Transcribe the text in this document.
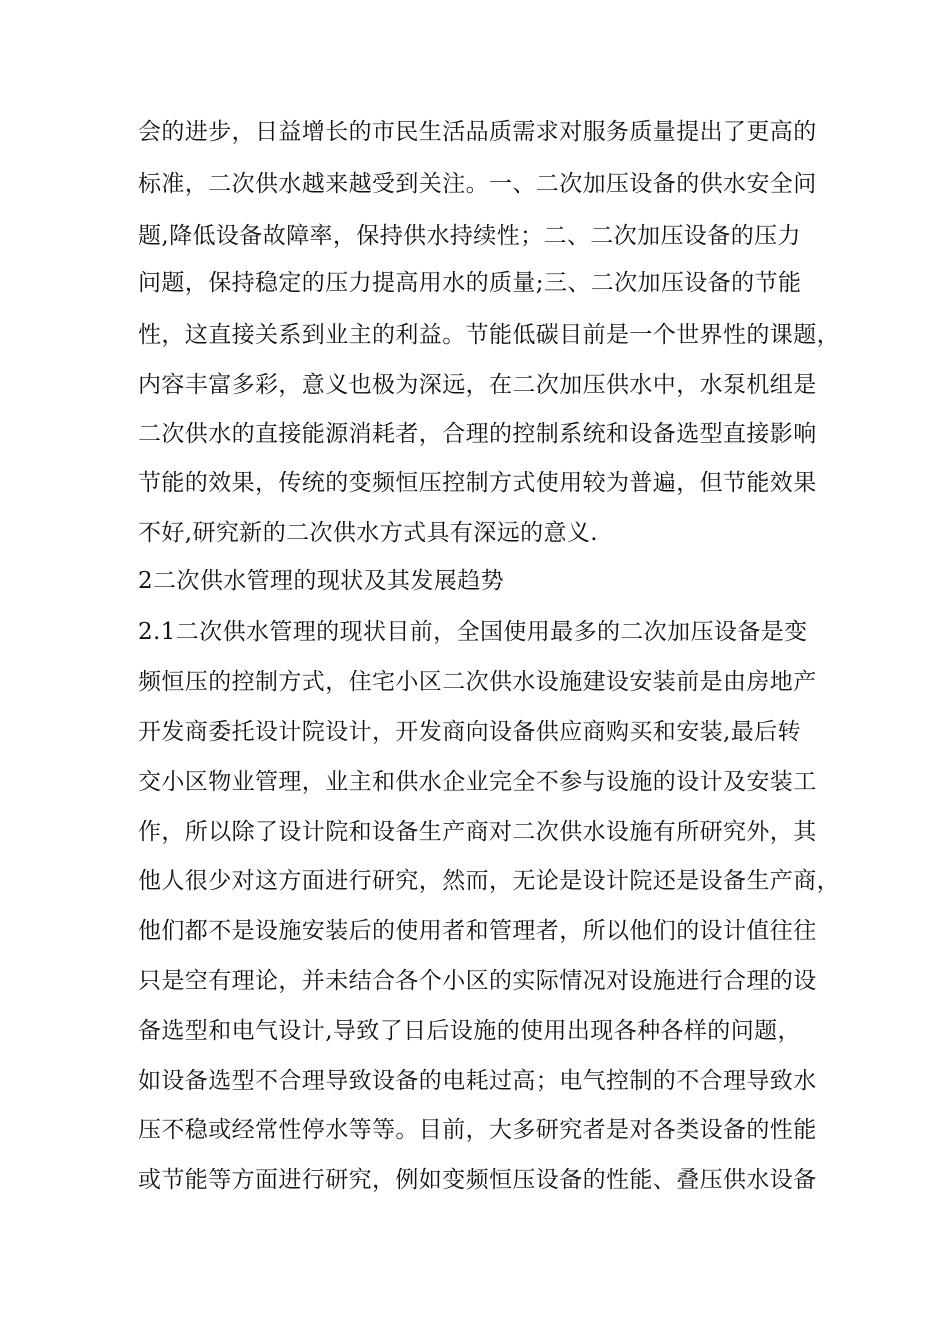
会的进步，日益增长的市民生活品质需求对服务质量提出了更高的
标准，二次供水越来越受到关注。一、二次加压设备的供水安全问
题,降低设备故障率，保持供水持续性；二、二次加压设备的压力
问题，保持稳定的压力提高用水的质量;三、二次加压设备的节能
性，这直接关系到业主的利益。节能低碳目前是一个世界性的课题，
内容丰富多彩，意义也极为深远，在二次加压供水中，水泵机组是
二次供水的直接能源消耗者，合理的控制系统和设备选型直接影响
节能的效果，传统的变频恒压控制方式使用较为普遍，但节能效果
不好,研究新的二次供水方式具有深远的意义.
2二次供水管理的现状及其发展趋势
2.1二次供水管理的现状目前，全国使用最多的二次加压设备是变
频恒压的控制方式，住宅小区二次供水设施建设安装前是由房地产
开发商委托设计院设计，开发商向设备供应商购买和安装,最后转
交小区物业管理，业主和供水企业完全不参与设施的设计及安装工
作，所以除了设计院和设备生产商对二次供水设施有所研究外，其
他人很少对这方面进行研究，然而，无论是设计院还是设备生产商，
他们都不是设施安装后的使用者和管理者，所以他们的设计值往往
只是空有理论，并未结合各个小区的实际情况对设施进行合理的设
备选型和电气设计,导致了日后设施的使用出现各种各样的问题，
如设备选型不合理导致设备的电耗过高；电气控制的不合理导致水
压不稳或经常性停水等等。目前，大多研究者是对各类设备的性能
或节能等方面进行研究，例如变频恒压设备的性能、叠压供水设备
